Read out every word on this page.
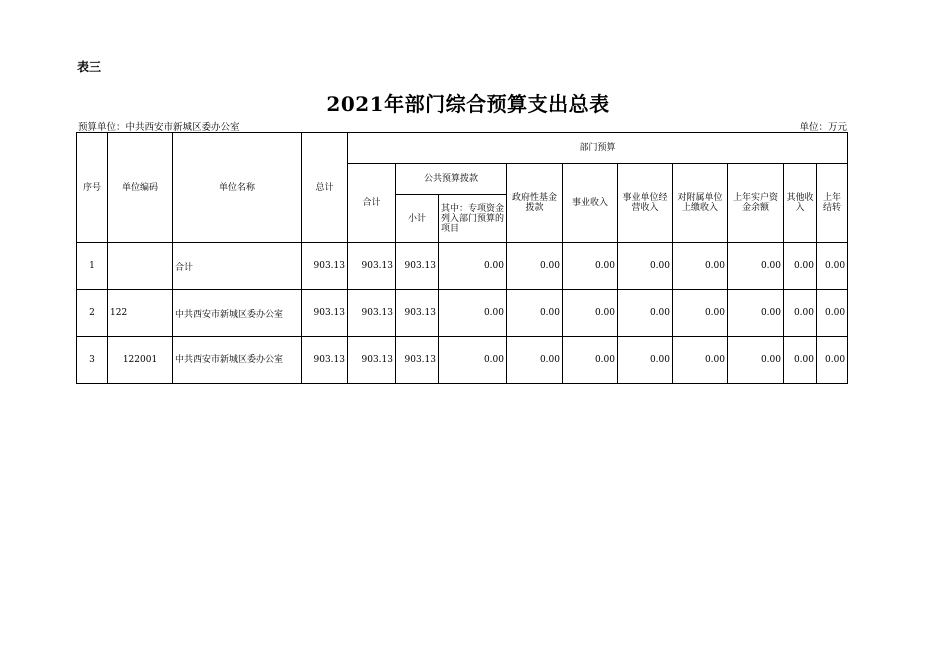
表三
2021年部门综合预算支出总表
预算单位：中共西安市新城区委办公室	单位：万元
序号	单位编码	单位名称	总计	部门预算									
				合计	公共预算拨款		政府性基金拨款	事业收入	事业单位经营收入	对附属单位上缴收入	上年实户资金余额	其他收入	上年结转
					小计	其中：专项资金列入部门预算的项目							
1		合计	903.13	903.13	903.13	0.00	0.00	0.00	0.00	0.00	0.00	0.00	0.00
2	122	中共西安市新城区委办公室	903.13	903.13	903.13	0.00	0.00	0.00	0.00	0.00	0.00	0.00	0.00
3	122001	中共西安市新城区委办公室	903.13	903.13	903.13	0.00	0.00	0.00	0.00	0.00	0.00	0.00	0.00
